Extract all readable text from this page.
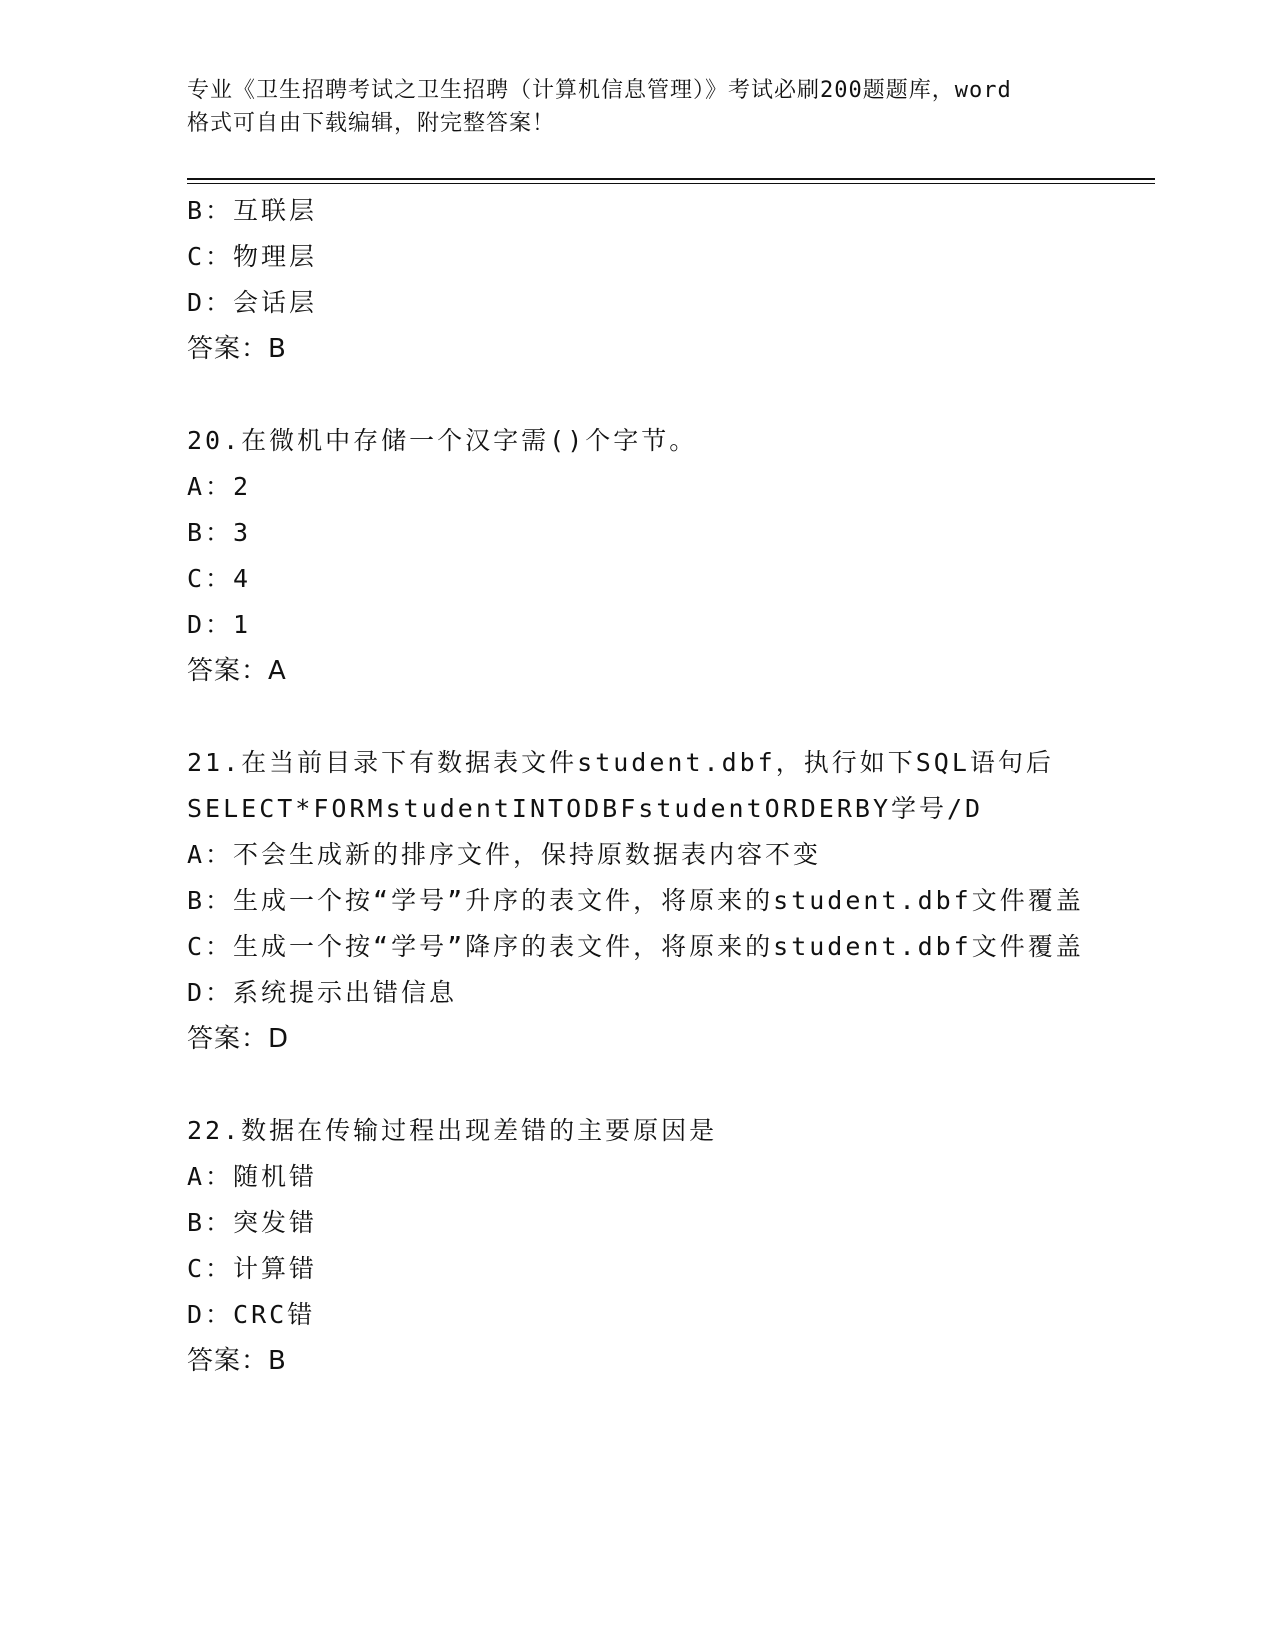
专业《卫生招聘考试之卫生招聘（计算机信息管理）》考试必刷200题题库，word
格式可自由下载编辑，附完整答案！
B：互联层
C：物理层
D：会话层
答案：B
20.在微机中存储一个汉字需()个字节。
A：2
B：3
C：4
D：1
答案：A
21.在当前目录下有数据表文件student.dbf，执行如下SQL语句后
SELECT*FORMstudentINTODBFstudentORDERBY学号/D
A：不会生成新的排序文件，保持原数据表内容不变
B：生成一个按“学号”升序的表文件，将原来的student.dbf文件覆盖
C：生成一个按“学号”降序的表文件，将原来的student.dbf文件覆盖
D：系统提示出错信息
答案：D
22.数据在传输过程出现差错的主要原因是
A：随机错
B：突发错
C：计算错
D：CRC错
答案：B
